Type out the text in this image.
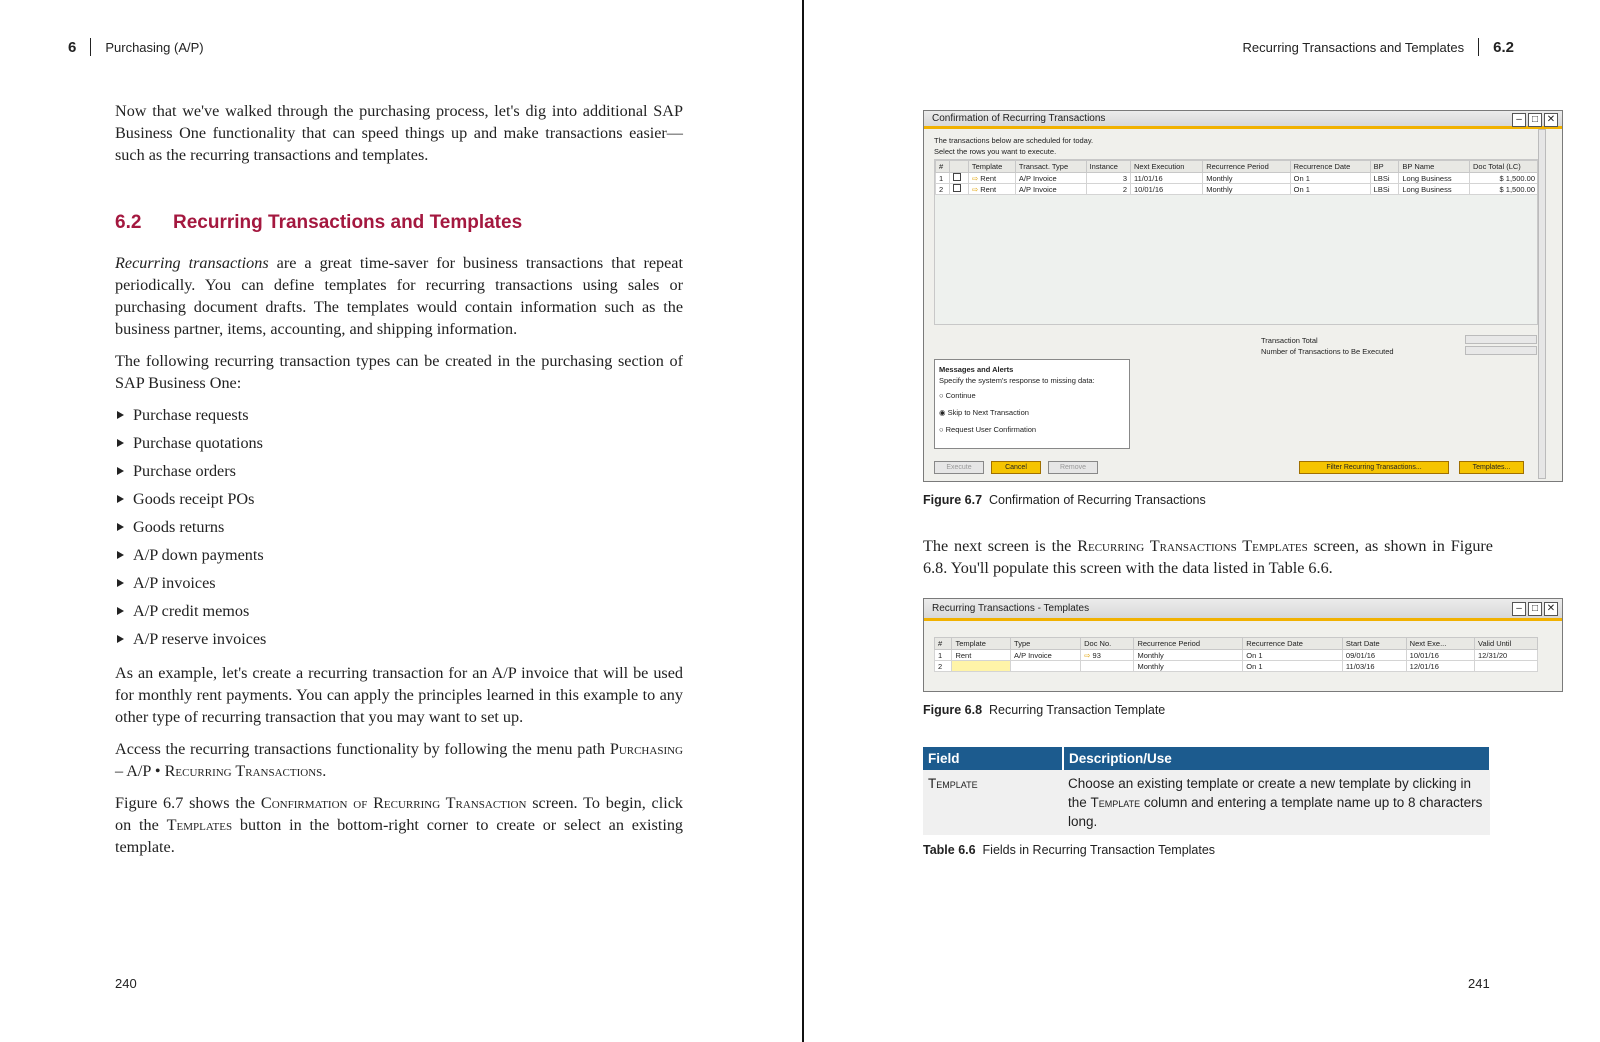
6 Purchasing (A/P)

Now that we've walked through the purchasing process, let's dig into additional SAP Business One functionality that can speed things up and make transactions easier—such as the recurring transactions and templates.

6.2	Recurring Transactions and Templates

Recurring transactions are a great time-saver for business transactions that repeat periodically. You can define templates for recurring transactions using sales or purchasing document drafts. The templates would contain information such as the business partner, items, accounting, and shipping information.

The following recurring transaction types can be created in the purchasing section of SAP Business One:

Purchase requests
Purchase quotations
Purchase orders
Goods receipt POs
Goods returns
A/P down payments
A/P invoices
A/P credit memos
A/P reserve invoices

As an example, let's create a recurring transaction for an A/P invoice that will be used for monthly rent payments. You can apply the principles learned in this example to any other type of recurring transaction that you may want to set up.

Access the recurring transactions functionality by following the menu path Purchasing – A/P • Recurring Transactions.

Figure 6.7 shows the Confirmation of Recurring Transaction screen. To begin, click on the Templates button in the bottom-right corner to create or select an existing template.

240
Recurring Transactions and Templates 6.2
Confirmation of Recurring Transactions	‒	□ ✕
The transactions below are scheduled for today.
Select the rows you want to execute.
#		Template	Transact. Type	Instance	Next Execution	Recurrence Period	Recurrence Date	BP	BP Name	Doc Total (LC)
1		⇨ Rent	A/P Invoice	3	11/01/16	Monthly	On 1	LBSi	Long Business	$ 1,500.00
2		⇨ Rent	A/P Invoice	2	10/01/16	Monthly	On 1	LBSi	Long Business	$ 1,500.00
Transaction Total
Number of Transactions to Be Executed
Messages and Alerts
Specify the system's response to missing data:
○ Continue
◉ Skip to Next Transaction
○ Request User Confirmation
Execute	Cancel	Remove	Filter Recurring Transactions...	Templates...
Figure 6.7 Confirmation of Recurring Transactions
The next screen is the Recurring Transactions Templates screen, as shown in Figure 6.8. You'll populate this screen with the data listed in Table 6.6.
Recurring Transactions - Templates	‒	□ ✕
#	Template	Type	Doc No.	Recurrence Period	Recurrence Date	Start Date	Next Exe...	Valid Until
1	Rent	A/P Invoice	⇨ 93	Monthly	On 1	09/01/16	10/01/16	12/31/20
2				Monthly	On 1	11/03/16	12/01/16	
Figure 6.8 Recurring Transaction Template
Field	Description/Use
Template	Choose an existing template or create a new template by clicking in the Template column and entering a template name up to 8 characters long.
Table 6.6 Fields in Recurring Transaction Templates
241
